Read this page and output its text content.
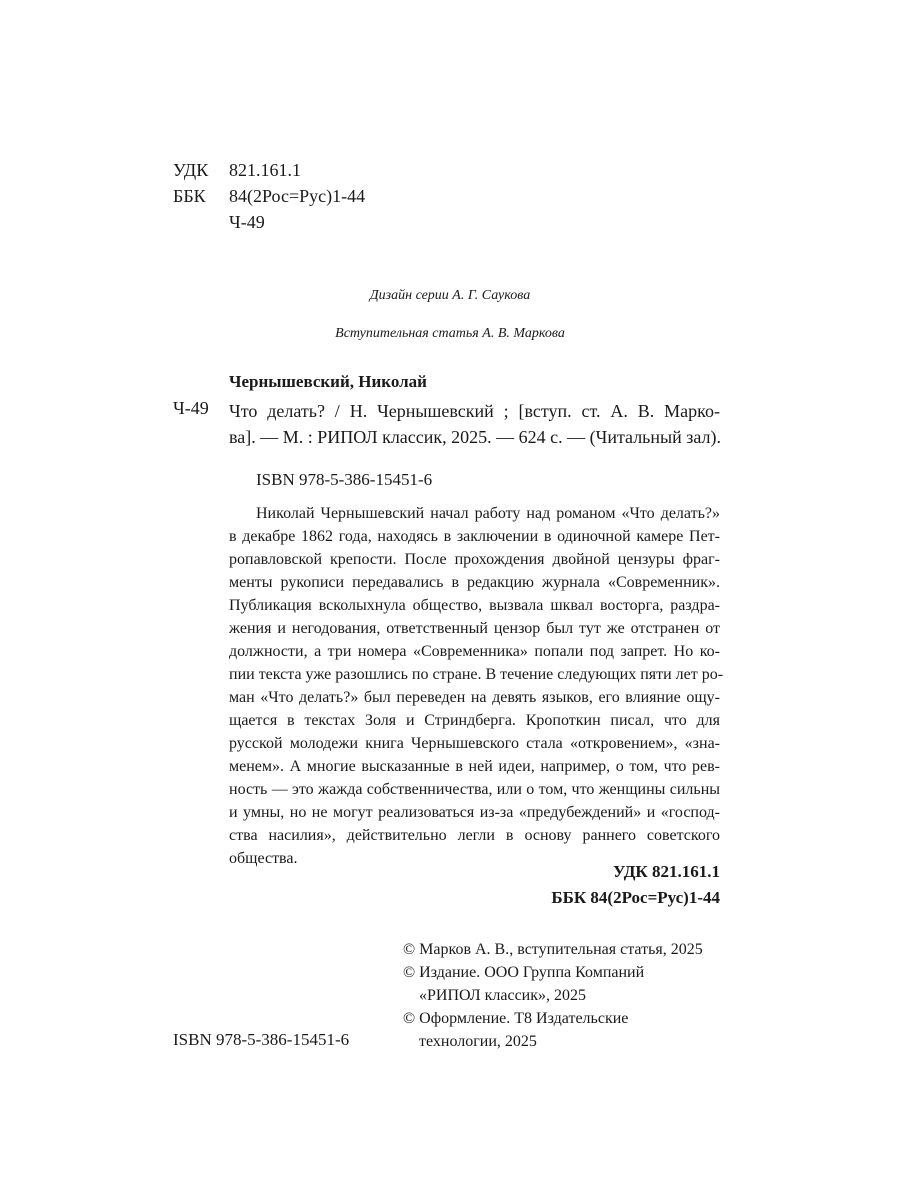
УДК	821.161.1
ББК	84(2Рос=Рус)1-44
Ч-49
Дизайн серии А. Г. Саукова
Вступительная статья А. В. Маркова
Чернышевский, Николай
Ч-49 Что делать? / Н. Чернышевский ; [вступ. ст. А. В. Марко-
ва]. — М. : РИПОЛ классик, 2025. — 624 с. — (Читальный зал).
ISBN 978-5-386-15451-6
Николай Чернышевский начал работу над романом «Что делать?»
в декабре 1862 года, находясь в заключении в одиночной камере Пет-
ропавловской крепости. После прохождения двойной цензуры фраг-
менты рукописи передавались в редакцию журнала «Современник».
Публикация всколыхнула общество, вызвала шквал восторга, раздра-
жения и негодования, ответственный цензор был тут же отстранен от
должности, а три номера «Современника» попали под запрет. Но ко-
пии текста уже разошлись по стране. В течение следующих пяти лет ро-
ман «Что делать?» был переведен на девять языков, его влияние ощу-
щается в текстах Золя и Стриндберга. Кропоткин писал, что для
русской молодежи книга Чернышевского стала «откровением», «зна-
менем». А многие высказанные в ней идеи, например, о том, что рев-
ность — это жажда собственничества, или о том, что женщины сильны
и умны, но не могут реализоваться из-за «предубеждений» и «господ-
ства насилия», действительно легли в основу раннего советского
общества.
УДК 821.161.1
ББК 84(2Рос=Рус)1-44
© Марков А. В., вступительная статья, 2025
© Издание. ООО Группа Компаний
«РИПОЛ классик», 2025
© Оформление. Т8 Издательские
технологии, 2025
ISBN 978-5-386-15451-6
